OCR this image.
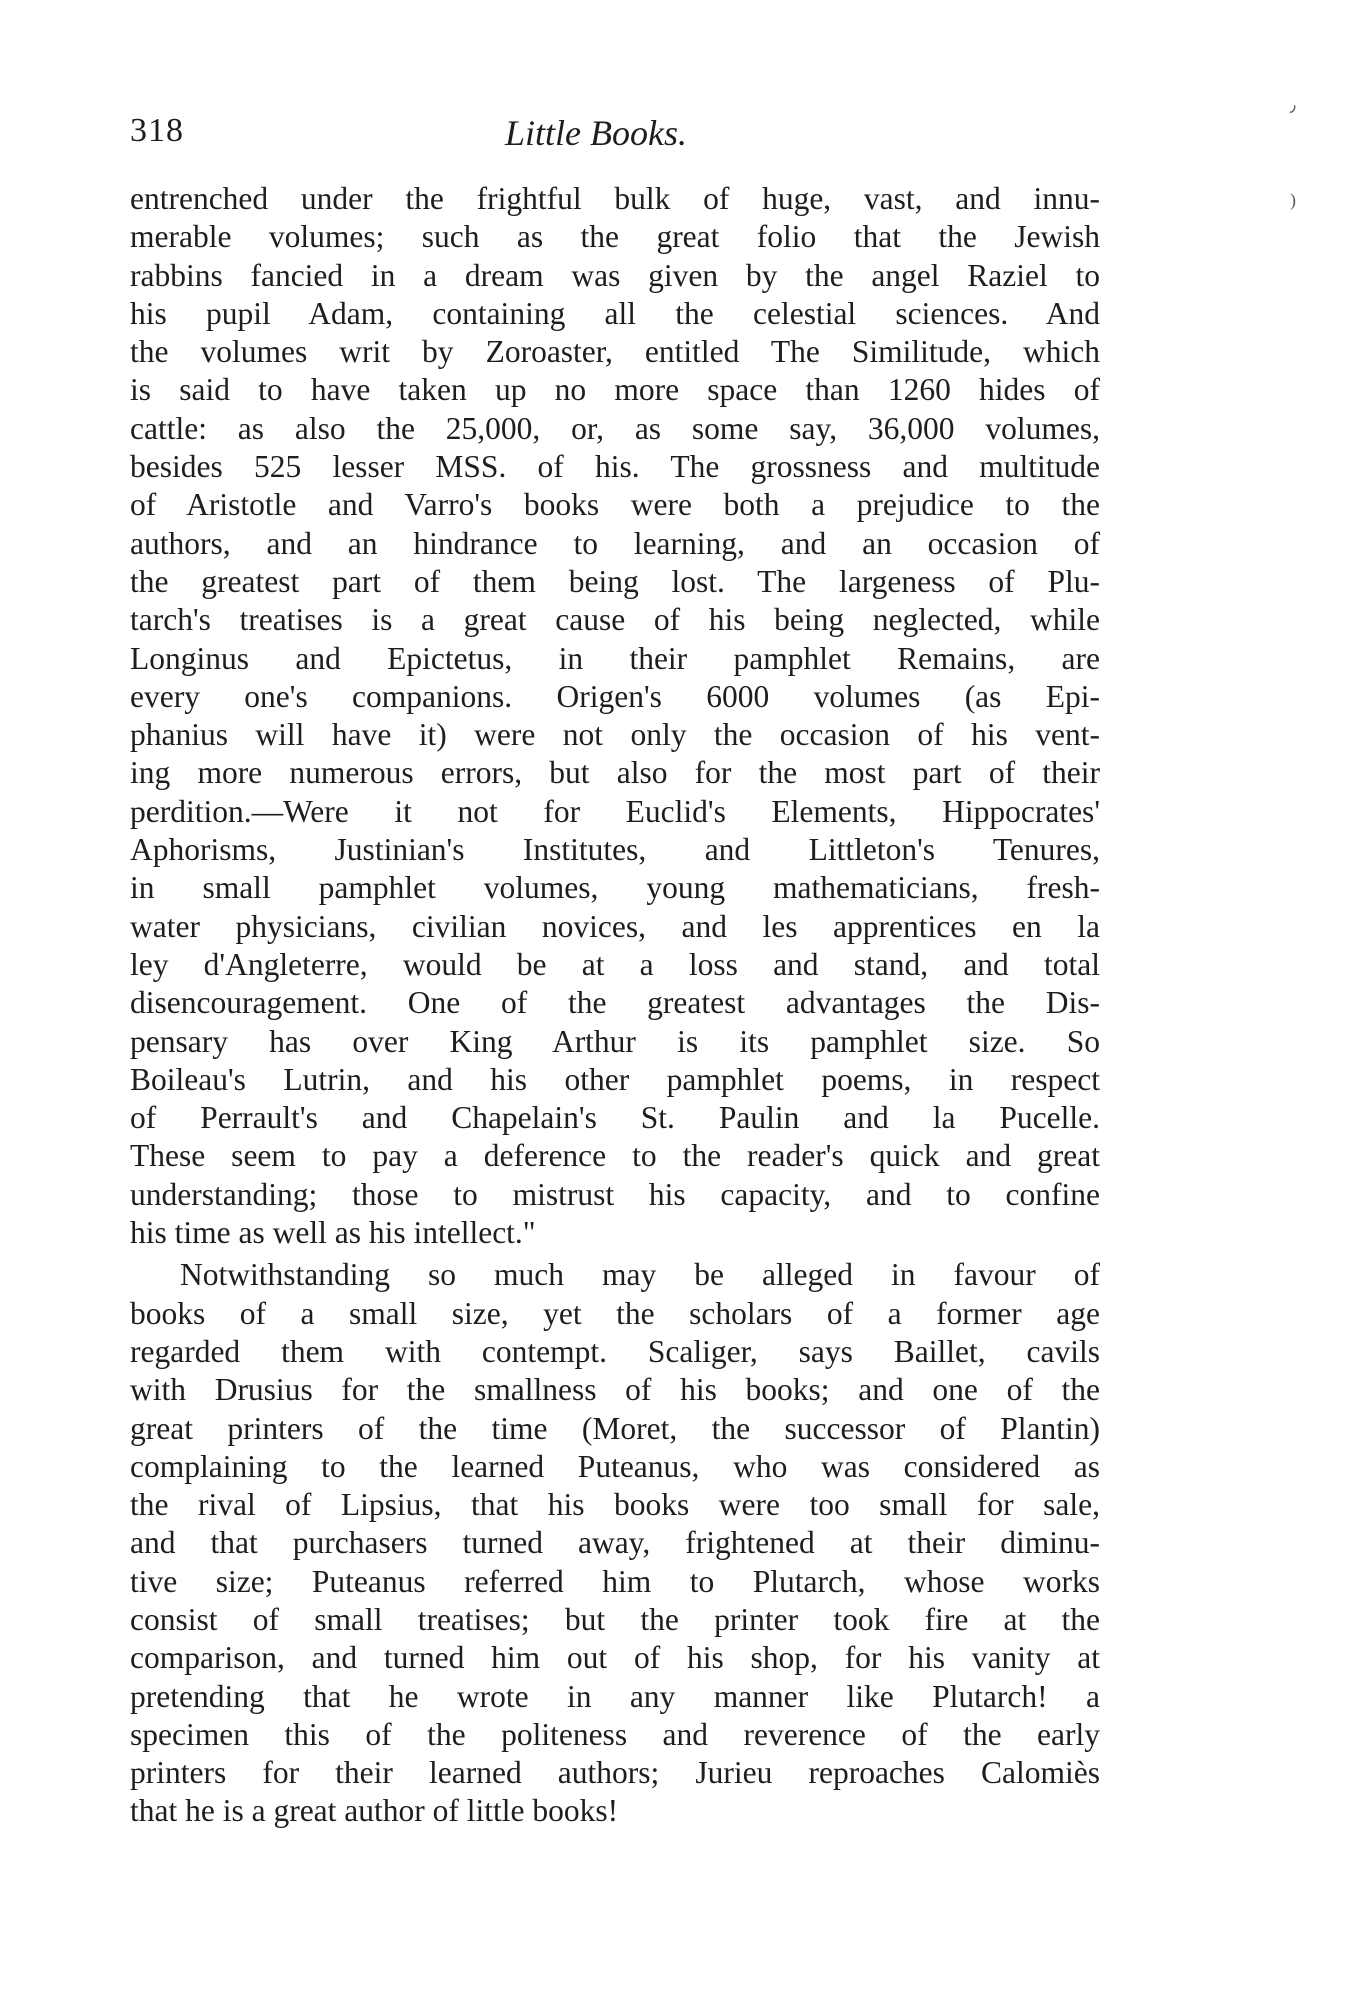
٫
)
318	Little Books.
entrenched under the frightful bulk of huge, vast, and innu-
merable volumes; such as the great folio that the Jewish
rabbins fancied in a dream was given by the angel Raziel to
his pupil Adam, containing all the celestial sciences. And
the volumes writ by Zoroaster, entitled The Similitude, which
is said to have taken up no more space than 1260 hides of
cattle: as also the 25,000, or, as some say, 36,000 volumes,
besides 525 lesser MSS. of his. The grossness and multitude
of Aristotle and Varro's books were both a prejudice to the
authors, and an hindrance to learning, and an occasion of
the greatest part of them being lost. The largeness of Plu-
tarch's treatises is a great cause of his being neglected, while
Longinus and Epictetus, in their pamphlet Remains, are
every one's companions. Origen's 6000 volumes (as Epi-
phanius will have it) were not only the occasion of his vent-
ing more numerous errors, but also for the most part of their
perdition.—Were it not for Euclid's Elements, Hippocrates'
Aphorisms, Justinian's Institutes, and Littleton's Tenures,
in small pamphlet volumes, young mathematicians, fresh-
water physicians, civilian novices, and les apprentices en la
ley d'Angleterre, would be at a loss and stand, and total
disencouragement. One of the greatest advantages the Dis-
pensary has over King Arthur is its pamphlet size. So
Boileau's Lutrin, and his other pamphlet poems, in respect
of Perrault's and Chapelain's St. Paulin and la Pucelle.
These seem to pay a deference to the reader's quick and great
understanding; those to mistrust his capacity, and to confine
his time as well as his intellect."
Notwithstanding so much may be alleged in favour of
books of a small size, yet the scholars of a former age
regarded them with contempt. Scaliger, says Baillet, cavils
with Drusius for the smallness of his books; and one of the
great printers of the time (Moret, the successor of Plantin)
complaining to the learned Puteanus, who was considered as
the rival of Lipsius, that his books were too small for sale,
and that purchasers turned away, frightened at their diminu-
tive size; Puteanus referred him to Plutarch, whose works
consist of small treatises; but the printer took fire at the
comparison, and turned him out of his shop, for his vanity at
pretending that he wrote in any manner like Plutarch! a
specimen this of the politeness and reverence of the early
printers for their learned authors; Jurieu reproaches Calomiès
that he is a great author of little books!
